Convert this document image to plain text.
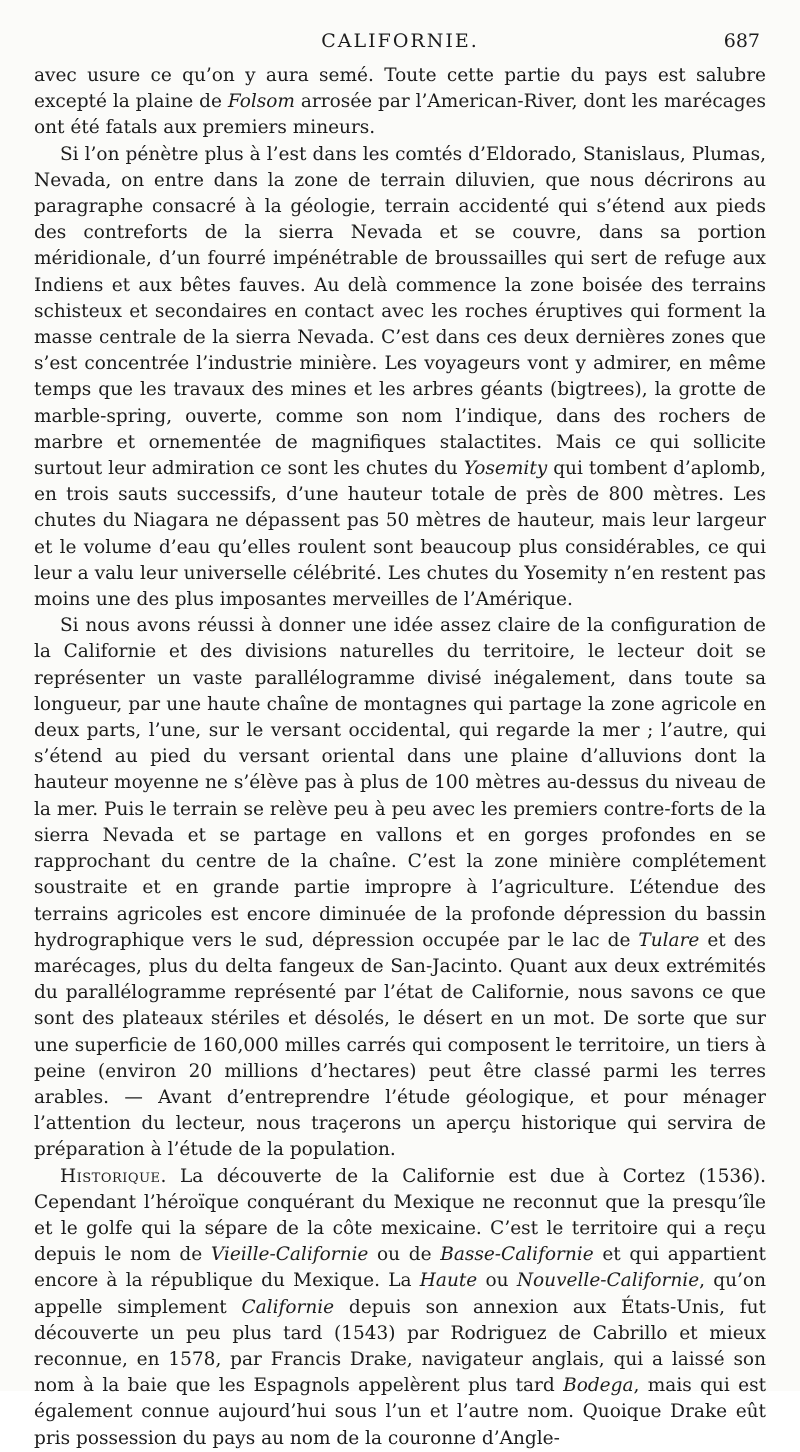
CALIFORNIE.	687

avec usure ce qu’on y aura semé. Toute cette partie du pays est salubre excepté la plaine de Folsom arrosée par l’American-River, dont les marécages ont été fatals aux premiers mineurs.

Si l’on pénètre plus à l’est dans les comtés d’Eldorado, Stanislaus, Plumas, Nevada, on entre dans la zone de terrain diluvien, que nous décrirons au paragraphe consacré à la géologie, terrain accidenté qui s’étend aux pieds des contreforts de la sierra Nevada et se couvre, dans sa portion méridionale, d’un fourré impénétrable de broussailles qui sert de refuge aux Indiens et aux bêtes fauves. Au delà commence la zone boisée des terrains schisteux et secondaires en contact avec les roches éruptives qui forment la masse centrale de la sierra Nevada. C’est dans ces deux dernières zones que s’est concentrée l’industrie minière. Les voyageurs vont y admirer, en même temps que les travaux des mines et les arbres géants (bigtrees), la grotte de marble-spring, ouverte, comme son nom l’indique, dans des rochers de marbre et ornementée de magnifiques stalactites. Mais ce qui sollicite surtout leur admiration ce sont les chutes du Yosemity qui tombent d’aplomb, en trois sauts successifs, d’une hauteur totale de près de 800 mètres. Les chutes du Niagara ne dépassent pas 50 mètres de hauteur, mais leur largeur et le volume d’eau qu’elles roulent sont beaucoup plus considérables, ce qui leur a valu leur universelle célébrité. Les chutes du Yosemity n’en restent pas moins une des plus imposantes merveilles de l’Amérique.

Si nous avons réussi à donner une idée assez claire de la configuration de la Californie et des divisions naturelles du territoire, le lecteur doit se représenter un vaste parallélogramme divisé inégalement, dans toute sa longueur, par une haute chaîne de montagnes qui partage la zone agricole en deux parts, l’une, sur le versant occidental, qui regarde la mer ; l’autre, qui s’étend au pied du versant oriental dans une plaine d’alluvions dont la hauteur moyenne ne s’élève pas à plus de 100 mètres au-dessus du niveau de la mer. Puis le terrain se relève peu à peu avec les premiers contre-forts de la sierra Nevada et se partage en vallons et en gorges profondes en se rapprochant du centre de la chaîne. C’est la zone minière complétement soustraite et en grande partie impropre à l’agriculture. L’étendue des terrains agricoles est encore diminuée de la profonde dépression du bassin hydrographique vers le sud, dépression occupée par le lac de Tulare et des marécages, plus du delta fangeux de San-Jacinto. Quant aux deux extrémités du parallélogramme représenté par l’état de Californie, nous savons ce que sont des plateaux stériles et désolés, le désert en un mot. De sorte que sur une superficie de 160,000 milles carrés qui composent le territoire, un tiers à peine (environ 20 millions d’hectares) peut être classé parmi les terres arables. — Avant d’entreprendre l’étude géologique, et pour ménager l’attention du lecteur, nous traçerons un aperçu historique qui servira de préparation à l’étude de la population.

Historique. La découverte de la Californie est due à Cortez (1536). Cependant l’héroïque conquérant du Mexique ne reconnut que la presqu’île et le golfe qui la sépare de la côte mexicaine. C’est le territoire qui a reçu depuis le nom de Vieille-Californie ou de Basse-Californie et qui appartient encore à la république du Mexique. La Haute ou Nouvelle-Californie, qu’on appelle simplement Californie depuis son annexion aux États-Unis, fut découverte un peu plus tard (1543) par Rodriguez de Cabrillo et mieux reconnue, en 1578, par Francis Drake, navigateur anglais, qui a laissé son nom à la baie que les Espagnols appelèrent plus tard Bodega, mais qui est également connue aujourd’hui sous l’un et l’autre nom. Quoique Drake eût pris possession du pays au nom de la couronne d’Angle-
